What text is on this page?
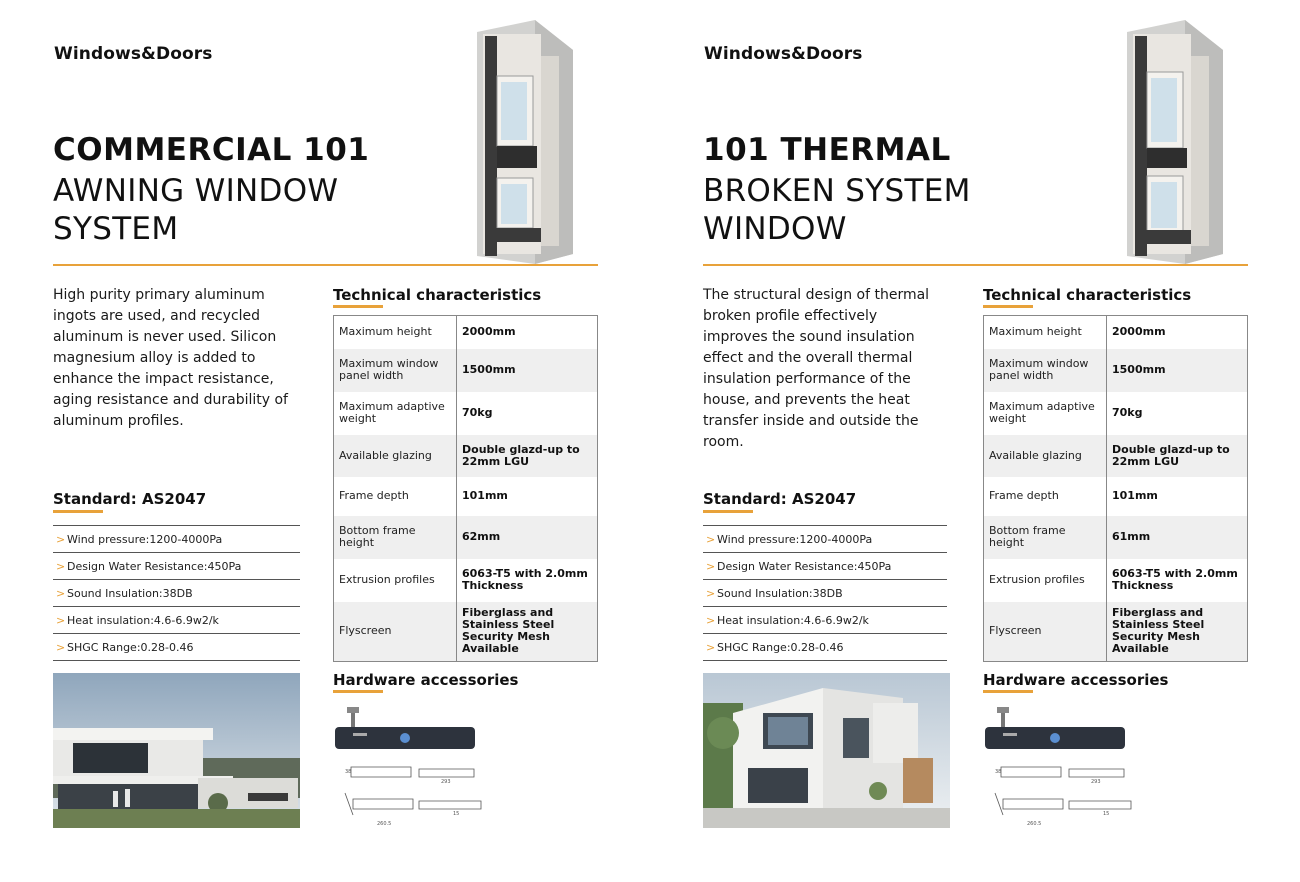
Windows&Doors
COMMERCIAL 101
AWNING WINDOW
SYSTEM

High purity primary aluminum ingots are used, and recycled aluminum is never used. Silicon magnesium alloy is added to enhance the impact resistance, aging resistance and durability of aluminum profiles.

Standard: AS2047
> Wind pressure:1200-4000Pa
> Design Water Resistance:450Pa
> Sound Insulation:38DB
> Heat insulation:4.6-6.9w2/k
> SHGC Range:0.28-0.46
Technical characteristics
Maximum height	2000mm
Maximum window panel width	1500mm
Maximum adaptive weight	70kg
Available glazing	Double glazd-up to 22mm LGU
Frame depth	101mm
Bottom frame height	62mm
Extrusion profiles	6063-T5 with 2.0mm Thickness
Flyscreen	Fiberglass and Stainless Steel Security Mesh Available
Hardware accessories
38
293
260.5
15
Windows&Doors
101 THERMAL
BROKEN SYSTEM
WINDOW

The structural design of thermal broken profile effectively improves the sound insulation effect and the overall thermal insulation performance of the house, and prevents the heat transfer inside and outside the room.

Standard: AS2047
> Wind pressure:1200-4000Pa
> Design Water Resistance:450Pa
> Sound Insulation:38DB
> Heat insulation:4.6-6.9w2/k
> SHGC Range:0.28-0.46
Technical characteristics
Maximum height	2000mm
Maximum window panel width	1500mm
Maximum adaptive weight	70kg
Available glazing	Double glazd-up to 22mm LGU
Frame depth	101mm
Bottom frame height	61mm
Extrusion profiles	6063-T5 with 2.0mm Thickness
Flyscreen	Fiberglass and Stainless Steel Security Mesh Available
Hardware accessories
38
293
260.5
15
